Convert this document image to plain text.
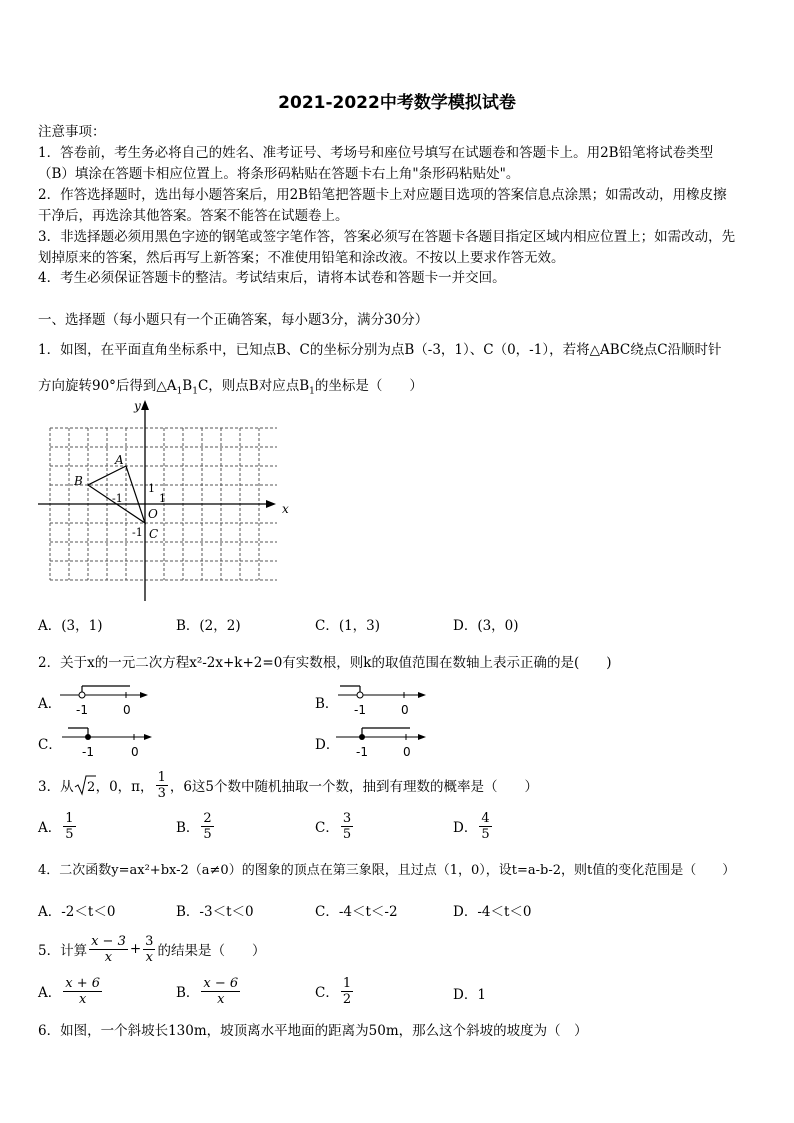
2021-2022中考数学模拟试卷
注意事项：
1．答卷前，考生务必将自己的姓名、准考证号、考场号和座位号填写在试题卷和答题卡上。用2B铅笔将试卷类型
（B）填涂在答题卡相应位置上。将条形码粘贴在答题卡右上角"条形码粘贴处"。
2．作答选择题时，选出每小题答案后，用2B铅笔把答题卡上对应题目选项的答案信息点涂黑；如需改动，用橡皮擦
干净后，再选涂其他答案。答案不能答在试题卷上。
3．非选择题必须用黑色字迹的钢笔或签字笔作答，答案必须写在答题卡各题目指定区域内相应位置上；如需改动，先
划掉原来的答案，然后再写上新答案；不准使用铅笔和涂改液。不按以上要求作答无效。
4．考生必须保证答题卡的整洁。考试结束后，请将本试卷和答题卡一并交回。
一、选择题（每小题只有一个正确答案，每小题3分，满分30分）
1．如图，在平面直角坐标系中，已知点B、C的坐标分别为点B（-3，1）、C（0，-1），若将△ABC绕点C沿顺时针
方向旋转90°后得到$\triangle A_1B_1C$，则点B对应点$B_1$的坐标是（　　）
x
y
O
A
B
C
1
1
-1
-1
A．(3，1)	B．(2，2)	C．(1，3)	D．(3，0)
2．关于x的一元二次方程x²-2x+k+2=0有实数根，则k的取值范围在数轴上表示正确的是(　　)
A． -1	0	B． -1	0
C． -1	0	D． -1	0
3．从 2 ，0，π， $\frac{1}{3}$ ，6这5个数中随机抽取一个数，抽到有理数的概率是（　　）
A． $\frac{1}{5}$	B． $\frac{2}{5}$	C． $\frac{3}{5}$	D． $\frac{4}{5}$
4．二次函数y=ax²+bx-2（a≠0）的图象的顶点在第三象限，且过点（1，0），设t=a-b-2，则t值的变化范围是（　　）
A．-2＜t＜0	B．-3＜t＜0	C．-4＜t＜-2	D．-4＜t＜0
5．计算 $\frac{x - 3}{x} + \frac{3}{x}$ 的结果是（　　）
A． $\frac{x + 6}{x}$	B． $\frac{x - 6}{x}$	C． $\frac{1}{2}$	D．1
6．如图，一个斜坡长130m，坡顶离水平地面的距离为50m，那么这个斜坡的坡度为（　）
